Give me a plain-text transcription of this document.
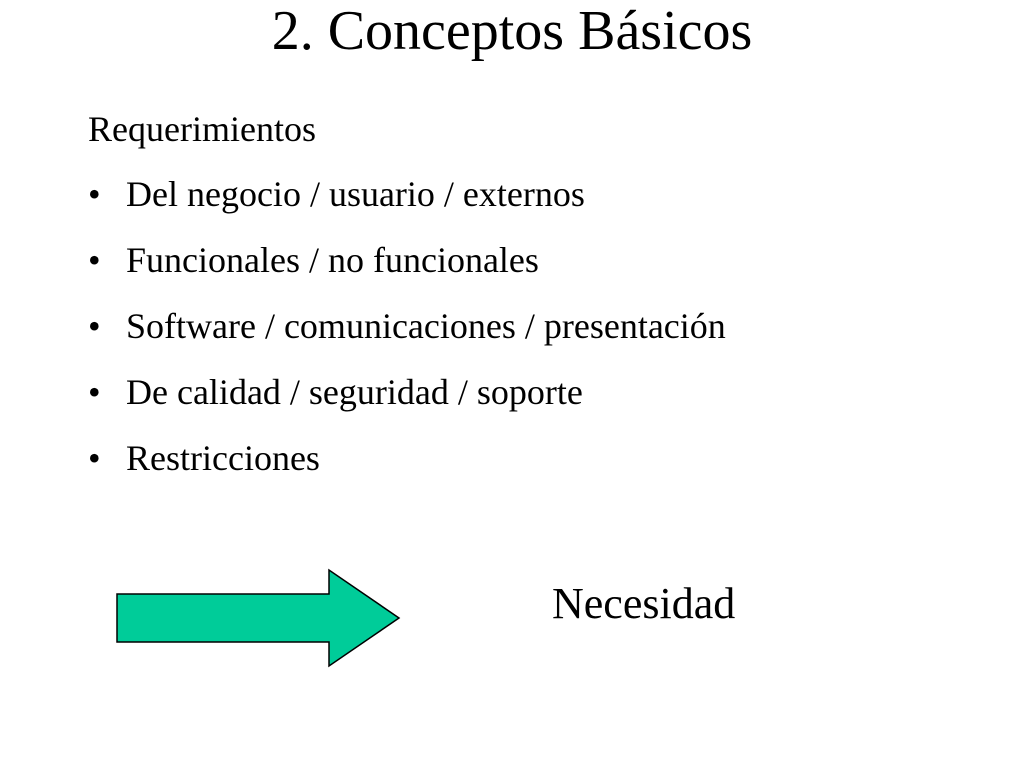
2. Conceptos Básicos
Requerimientos
• Del negocio / usuario / externos
• Funcionales / no funcionales
• Software / comunicaciones / presentación
• De calidad / seguridad / soporte
• Restricciones
Necesidad
